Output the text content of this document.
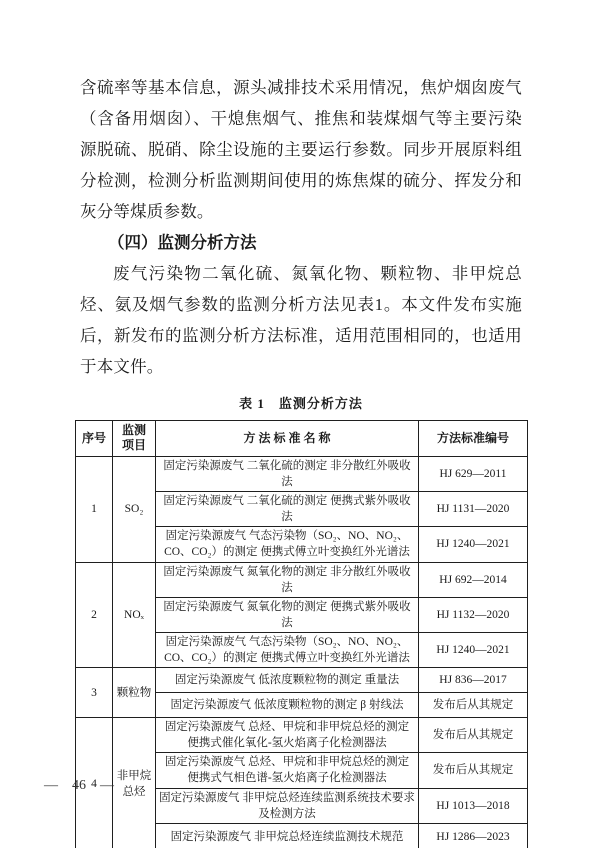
含硫率等基本信息，源头减排技术采用情况，焦炉烟囱废气（含备用烟囱）、干熄焦烟气、推焦和装煤烟气等主要污染源脱硫、脱硝、除尘设施的主要运行参数。同步开展原料组分检测，检测分析监测期间使用的炼焦煤的硫分、挥发分和灰分等煤质参数。

（四）监测分析方法

废气污染物二氧化硫、氮氧化物、颗粒物、非甲烷总烃、氨及烟气参数的监测分析方法见表1。本文件发布实施后，新发布的监测分析方法标准，适用范围相同的，也适用于本文件。

表 1　监测分析方法
序号	监测项目	方 法 标 准 名 称	方法标准编号
1	SO₂	固定污染源废气 二氧化硫的测定 非分散红外吸收法	HJ 629—2011
		固定污染源废气 二氧化硫的测定 便携式紫外吸收法	HJ 1131—2020
		固定污染源废气 气态污染物（SO₂、NO、NO₂、CO、CO₂）的测定 便携式傅立叶变换红外光谱法	HJ 1240—2021
2	NOₓ	固定污染源废气 氮氧化物的测定 非分散红外吸收法	HJ 692—2014
		固定污染源废气 氮氧化物的测定 便携式紫外吸收法	HJ 1132—2020
		固定污染源废气 气态污染物（SO₂、NO、NO₂、CO、CO₂）的测定 便携式傅立叶变换红外光谱法	HJ 1240—2021
3	颗粒物	固定污染源废气 低浓度颗粒物的测定 重量法	HJ 836—2017
		固定污染源废气 低浓度颗粒物的测定 β 射线法	发布后从其规定
4	非甲烷总烃	固定污染源废气 总烃、甲烷和非甲烷总烃的测定 便携式催化氧化-氢火焰离子化检测器法	发布后从其规定
		固定污染源废气 总烃、甲烷和非甲烷总烃的测定 便携式气相色谱-氢火焰离子化检测器法	发布后从其规定
		固定污染源废气 非甲烷总烃连续监测系统技术要求及检测方法	HJ 1013—2018
		固定污染源废气 非甲烷总烃连续监测技术规范	HJ 1286—2023
— 46 —
